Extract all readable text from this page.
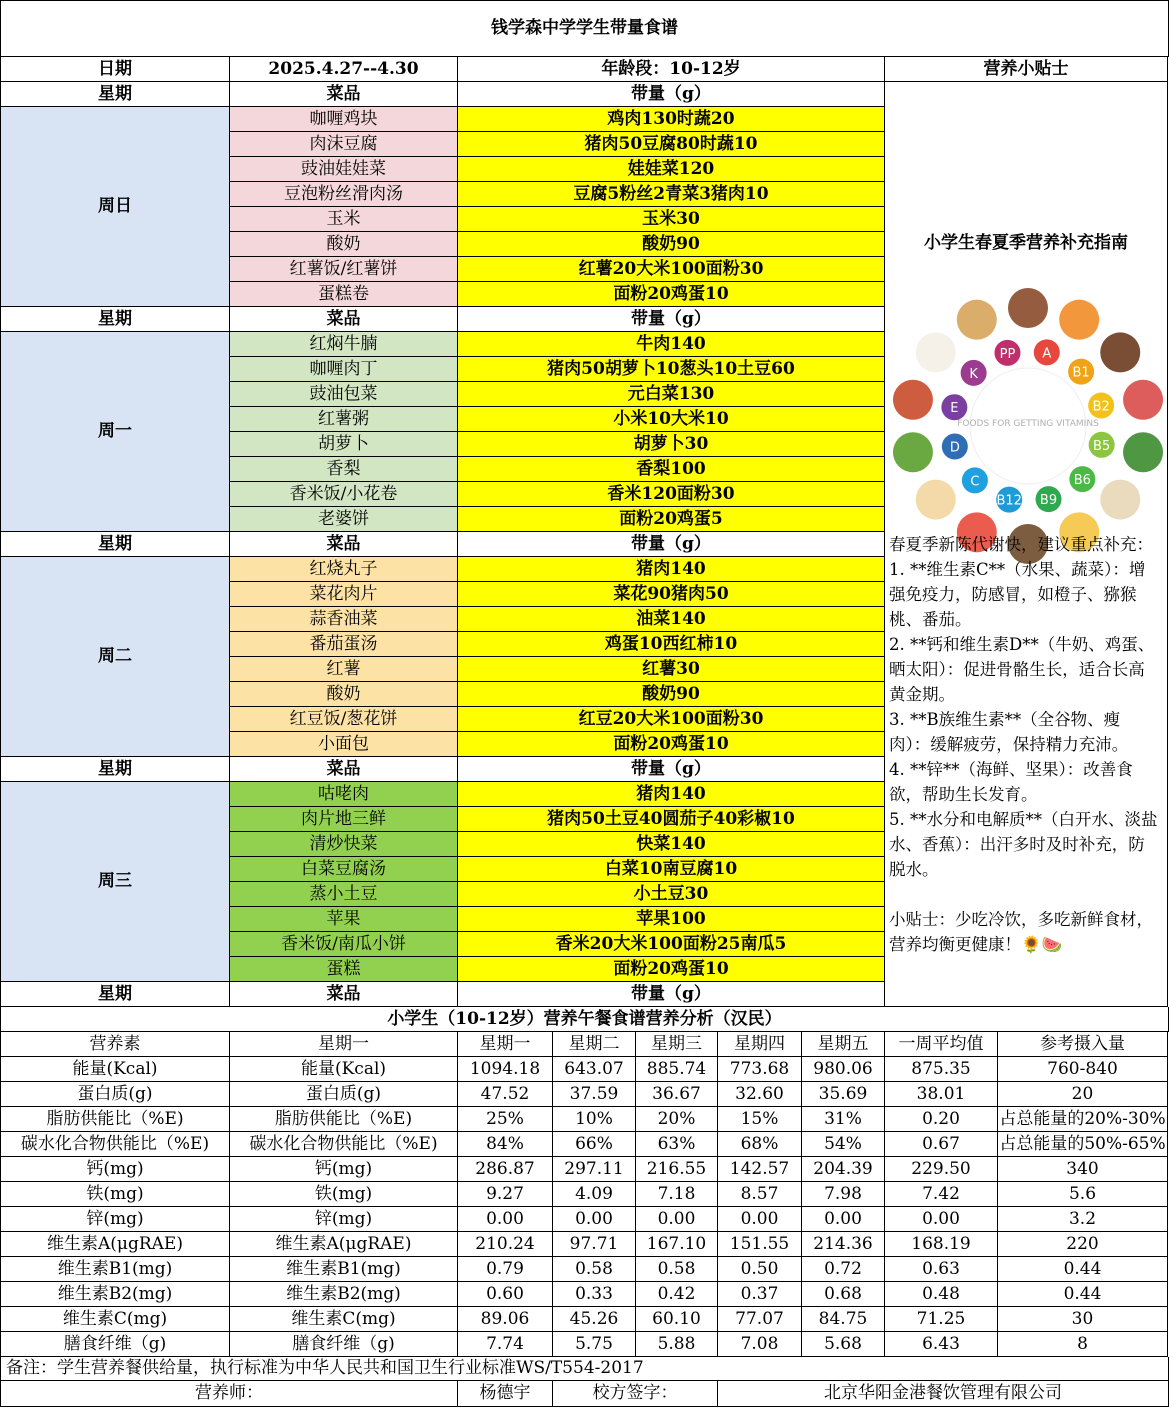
钱学森中学学生带量食谱
日期	2025.4.27--4.30	年龄段：10-12岁	营养小贴士
星期	菜品	带量（g）
周日
咖喱鸡块	鸡肉130时蔬20
肉沫豆腐	猪肉50豆腐80时蔬10
豉油娃娃菜	娃娃菜120
豆泡粉丝滑肉汤	豆腐5粉丝2青菜3猪肉10
玉米	玉米30
酸奶	酸奶90
红薯饭/红薯饼	红薯20大米100面粉30
蛋糕卷	面粉20鸡蛋10
星期	菜品	带量（g）
周一
红焖牛腩	牛肉140
咖喱肉丁	猪肉50胡萝卜10葱头10土豆60
豉油包菜	元白菜130
红薯粥	小米10大米10
胡萝卜	胡萝卜30
香梨	香梨100
香米饭/小花卷	香米120面粉30
老婆饼	面粉20鸡蛋5
星期	菜品	带量（g）
周二
红烧丸子	猪肉140
菜花肉片	菜花90猪肉50
蒜香油菜	油菜140
番茄蛋汤	鸡蛋10西红柿10
红薯	红薯30
酸奶	酸奶90
红豆饭/葱花饼	红豆20大米100面粉30
小面包	面粉20鸡蛋10
星期	菜品	带量（g）
周三
咕咾肉	猪肉140
肉片地三鲜	猪肉50土豆40圆茄子40彩椒10
清炒快菜	快菜140
白菜豆腐汤	白菜10南豆腐10
蒸小土豆	小土豆30
苹果	苹果100
香米饭/南瓜小饼	香米20大米100面粉25南瓜5
蛋糕	面粉20鸡蛋10
星期	菜品	带量（g）
小学生春夏季营养补充指南
FOODS FOR GETTING VITAMINS
A
B1
B2
B5
B6
B9
B12
C
D
E
K
PP

春夏季新陈代谢快，建议重点补充：

1. **维生素C**（水果、蔬菜）：增强免疫力，防感冒，如橙子、猕猴桃、番茄。

2. **钙和维生素D**（牛奶、鸡蛋、晒太阳）：促进骨骼生长，适合长高黄金期。

3. **B族维生素**（全谷物、瘦肉）：缓解疲劳，保持精力充沛。

4. **锌**（海鲜、坚果）：改善食欲，帮助生长发育。

5. **水分和电解质**（白开水、淡盐水、香蕉）：出汗多时及时补充，防脱水。

小贴士：少吃冷饮，多吃新鲜食材，营养均衡更健康！🌻🍉

小学生（10-12岁）营养午餐食谱营养分析（汉民）
营养素	星期一	星期一	星期二	星期三	星期四	星期五	一周平均值	参考摄入量
能量(Kcal)	能量(Kcal)	1094.18	643.07	885.74	773.68	980.06	875.35	760-840
蛋白质(g)	蛋白质(g)	47.52	37.59	36.67	32.60	35.69	38.01	20
脂肪供能比（%E)	脂肪供能比（%E)	25%	10%	20%	15%	31%	0.20	占总能量的20%-30%
碳水化合物供能比（%E)	碳水化合物供能比（%E)	84%	66%	63%	68%	54%	0.67	占总能量的50%-65%
钙(mg)	钙(mg)	286.87	297.11	216.55	142.57	204.39	229.50	340
铁(mg)	铁(mg)	9.27	4.09	7.18	8.57	7.98	7.42	5.6
锌(mg)	锌(mg)	0.00	0.00	0.00	0.00	0.00	0.00	3.2
维生素A(μgRAE)	维生素A(μgRAE)	210.24	97.71	167.10	151.55	214.36	168.19	220
维生素B1(mg)	维生素B1(mg)	0.79	0.58	0.58	0.50	0.72	0.63	0.44
维生素B2(mg)	维生素B2(mg)	0.60	0.33	0.42	0.37	0.68	0.48	0.44
维生素C(mg)	维生素C(mg)	89.06	45.26	60.10	77.07	84.75	71.25	30
膳食纤维（g)	膳食纤维（g)	7.74	5.75	5.88	7.08	5.68	6.43	8
备注：学生营养餐供给量，执行标准为中华人民共和国卫生行业标准WS/T554-2017
营养师：	杨德宇	校方签字：	北京华阳金港餐饮管理有限公司
